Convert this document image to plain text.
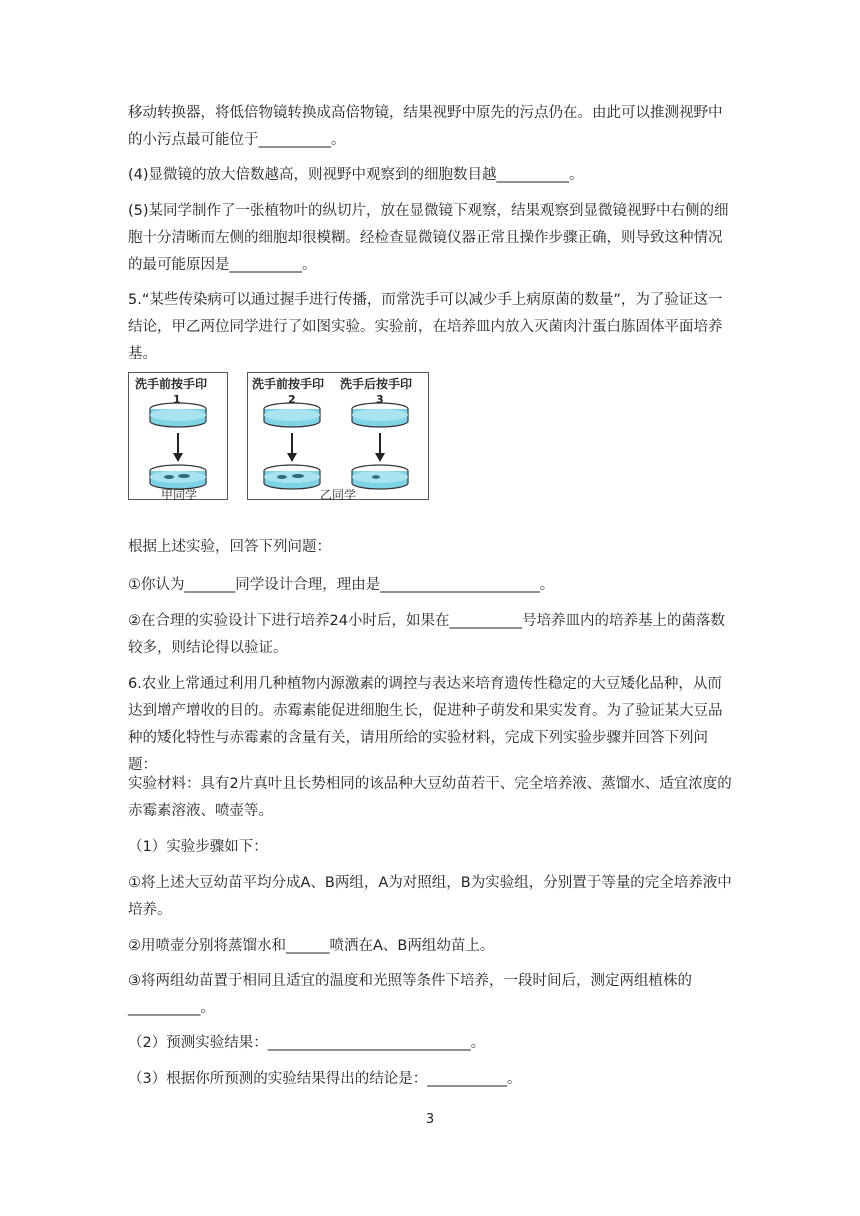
移动转换器，将低倍物镜转换成高倍物镜，结果视野中原先的污点仍在。由此可以推测视野中的小污点最可能位于__________。

(4)显微镜的放大倍数越高，则视野中观察到的细胞数目越__________。

(5)某同学制作了一张植物叶的纵切片，放在显微镜下观察，结果观察到显微镜视野中右侧的细胞十分清晰而左侧的细胞却很模糊。经检查显微镜仪器正常且操作步骤正确，则导致这种情况的最可能原因是__________。

5.“某些传染病可以通过握手进行传播，而常洗手可以减少手上病原菌的数量”，为了验证这一结论，甲乙两位同学进行了如图实验。实验前，在培养皿内放入灭菌肉汁蛋白胨固体平面培养基。

洗手前按手印
1
甲同学
洗手前按手印 洗手后按手印
2	3
乙同学

根据上述实验，回答下列问题：

①你认为_______同学设计合理，理由是______________________。

②在合理的实验设计下进行培养24小时后，如果在__________号培养皿内的培养基上的菌落数较多，则结论得以验证。

6.农业上常通过利用几种植物内源激素的调控与表达来培育遗传性稳定的大豆矮化品种，从而达到增产增收的目的。赤霉素能促进细胞生长，促进种子萌发和果实发育。为了验证某大豆品种的矮化特性与赤霉素的含量有关，请用所给的实验材料，完成下列实验步骤并回答下列问题：

实验材料：具有2片真叶且长势相同的该品种大豆幼苗若干、完全培养液、蒸馏水、适宜浓度的赤霉素溶液、喷壶等。

（1）实验步骤如下：

①将上述大豆幼苗平均分成A、B两组，A为对照组，B为实验组，分别置于等量的完全培养液中培养。

②用喷壶分别将蒸馏水和______喷洒在A、B两组幼苗上。

③将两组幼苗置于相同且适宜的温度和光照等条件下培养，一段时间后，测定两组植株的__________。

（2）预测实验结果：____________________________。

（3）根据你所预测的实验结果得出的结论是：___________。

3
